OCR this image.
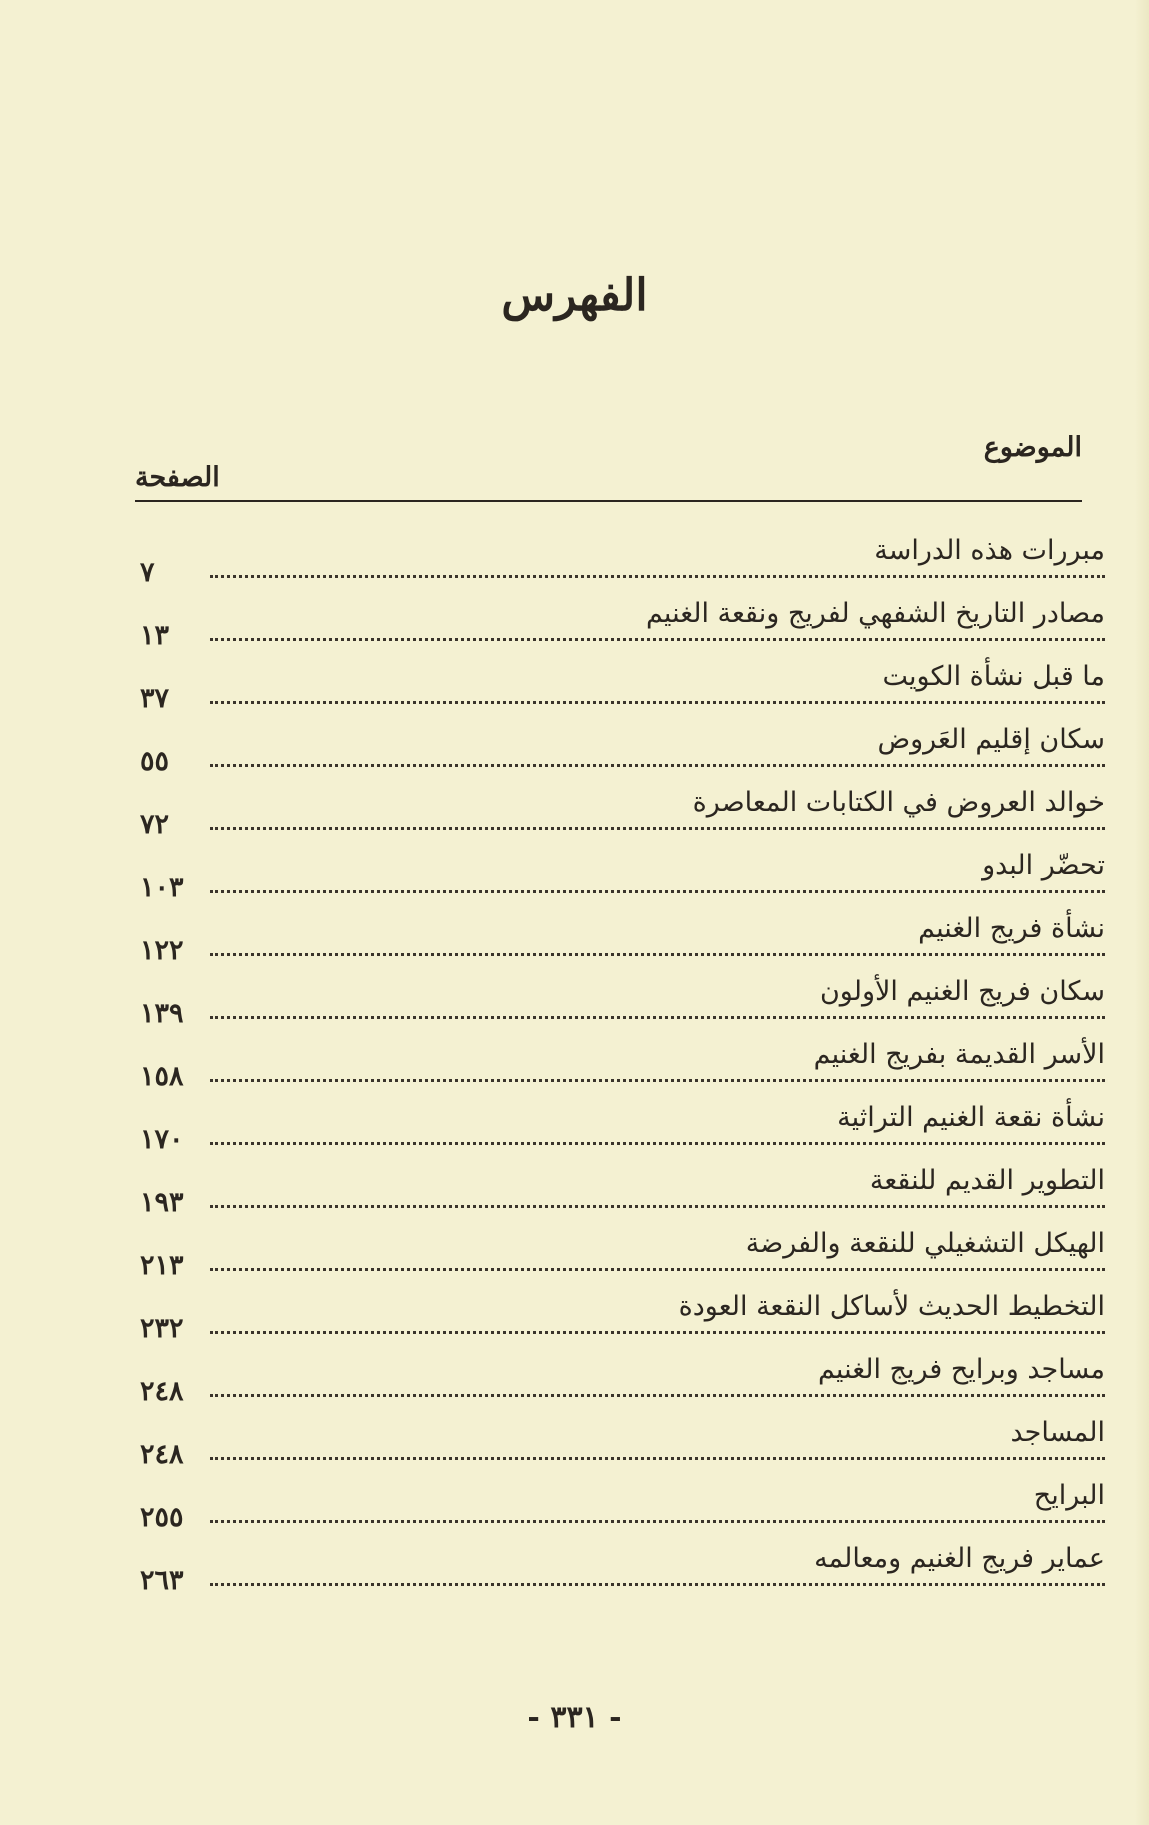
الفهرس
الموضوع
الصفحة
مبررات هذه الدراسة
٧
مصادر التاريخ الشفهي لفريج ونقعة الغنيم
١٣
ما قبل نشأة الكويت
٣٧
سكان إقليم العَروض
٥٥
خوالد العروض في الكتابات المعاصرة
٧٢
تحضّر البدو
١٠٣
نشأة فريج الغنيم
١٢٢
سكان فريج الغنيم الأولون
١٣٩
الأسر القديمة بفريج الغنيم
١٥٨
نشأة نقعة الغنيم التراثية
١٧٠
التطوير القديم للنقعة
١٩٣
الهيكل التشغيلي للنقعة والفرضة
٢١٣
التخطيط الحديث لأساكل النقعة العودة
٢٣٢
مساجد وبرايح فريج الغنيم
٢٤٨
المساجد
٢٤٨
البرايح
٢٥٥
عماير فريج الغنيم ومعالمه
٢٦٣
- ٣٣١ -
